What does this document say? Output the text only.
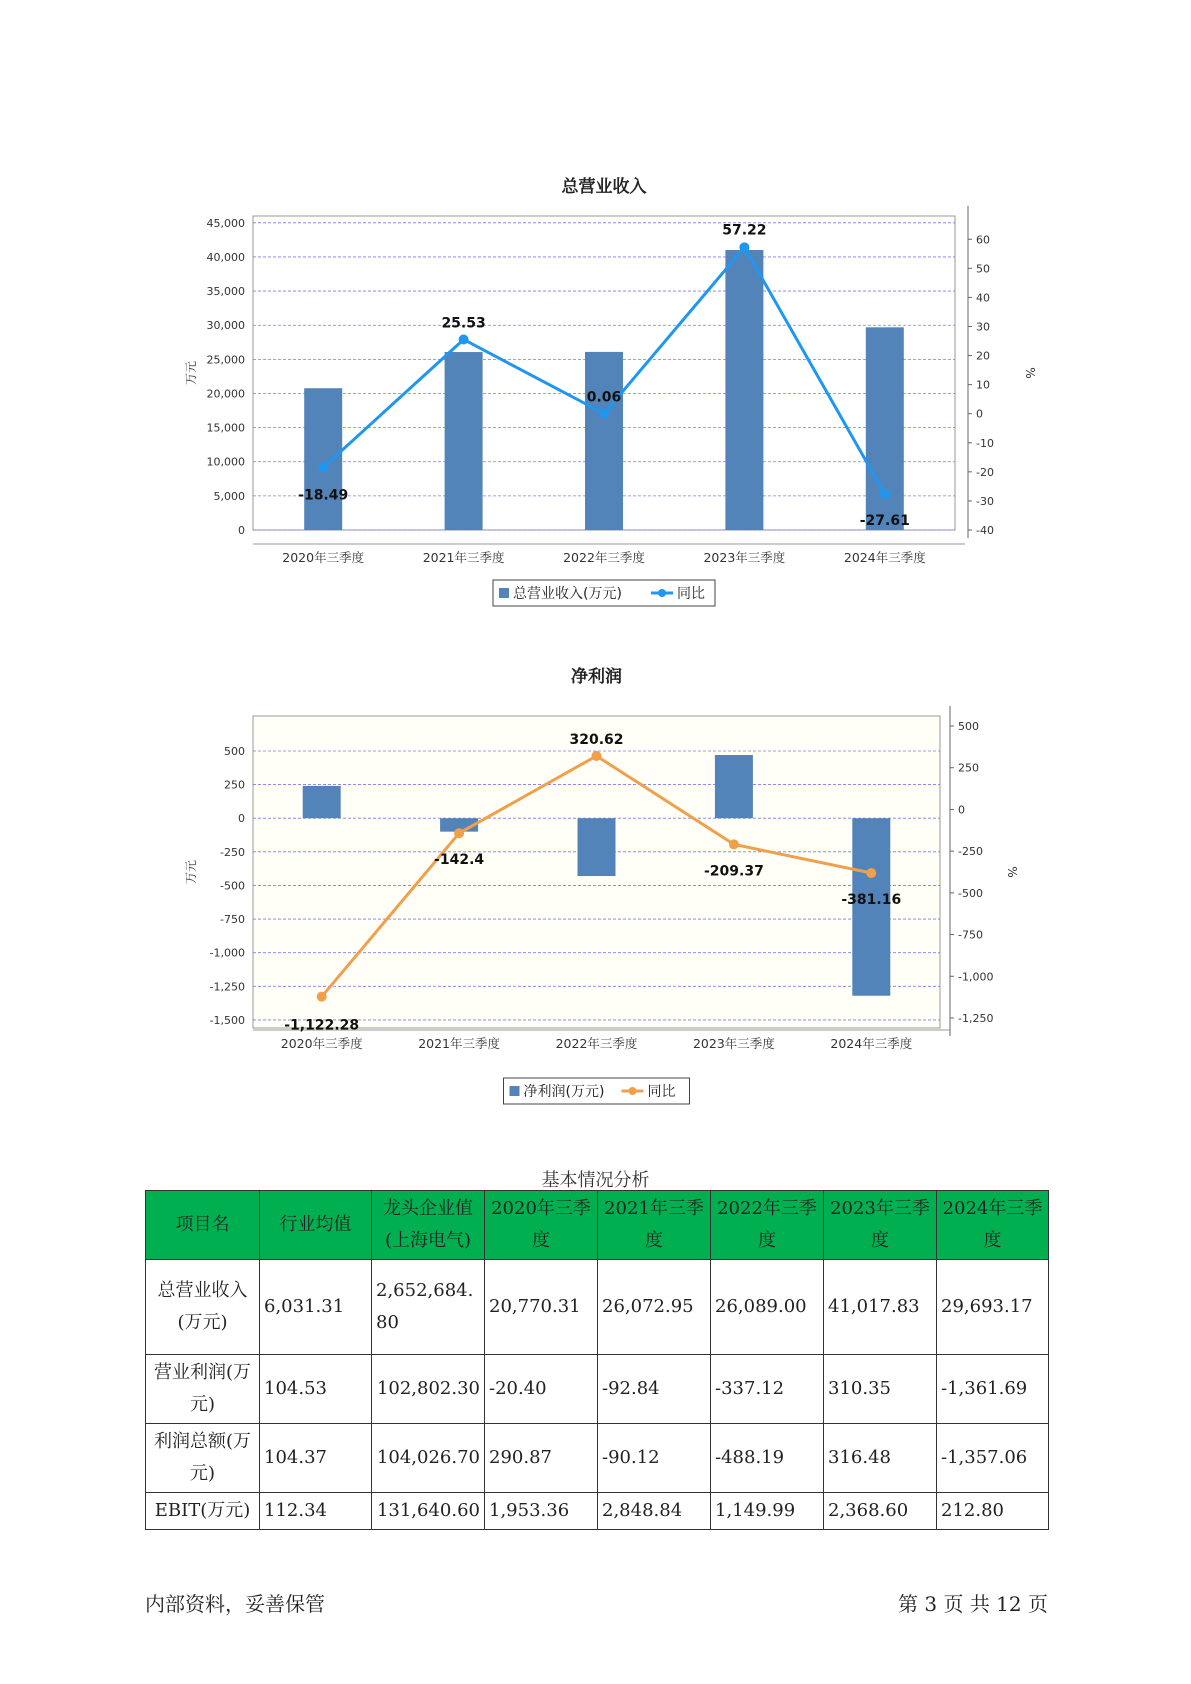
总营业收入
0
5,000
10,000
15,000
20,000
25,000
30,000
35,000
40,000
45,000
-40
-30
-20
-10
0
10
20
30
40
50
60
万元	%
2020年三季度	2021年三季度	2022年三季度	2023年三季度	2024年三季度
-18.49
25.53
0.06
57.22
-27.61
总营业收入(万元)	同比
净利润
-1,500
-1,250
-1,000
-750
-500
-250
0
250
500
-1,250
-1,000
-750
-500
-250
0
250
500
万元	%
2020年三季度	2021年三季度	2022年三季度	2023年三季度	2024年三季度
-1,122.28
-142.4
320.62
-209.37
-381.16
净利润(万元)	同比
基本情况分析
项目名	行业均值	龙头企业值(上海电气)	2020年三季度	2021年三季度	2022年三季度	2023年三季度	2024年三季度
总营业收入(万元)	6,031.31	2,652,684.80	20,770.31	26,072.95	26,089.00	41,017.83	29,693.17
营业利润(万元)	104.53	102,802.30	-20.40	-92.84	-337.12	310.35	-1,361.69
利润总额(万元)	104.37	104,026.70	290.87	-90.12	-488.19	316.48	-1,357.06
EBIT(万元)	112.34	131,640.60	1,953.36	2,848.84	1,149.99	2,368.60	212.80
内部资料，妥善保管	第 3 页 共 12 页
